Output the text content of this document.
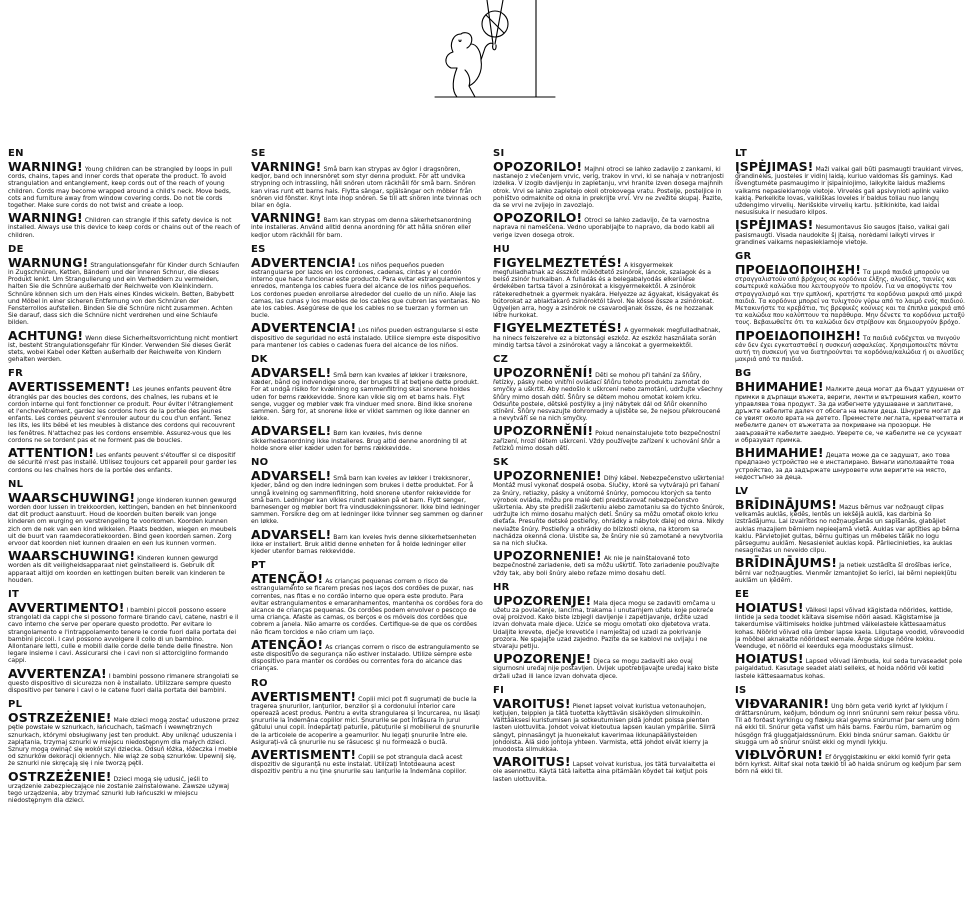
EN
WARNING! Young children can be strangled by loops in pull cords, chains, tapes and inner cords that operate the product. To avoid strangulation and entanglement, keep cords out of the reach of young children. Cords may become wrapped around a child's neck. Move beds, cots and furniture away from window covering cords. Do not tie cords together. Make sure cords do not twist and create a loop.
WARNING! Children can strangle if this safety device is not installed. Always use this device to keep cords or chains out of the reach of children.
DE
WARNUNG! Strangulationsgefahr für Kinder durch Schlaufen in Zugschnüren, Ketten, Bändern und der inneren Schnur, die dieses Produkt lenkt. Um Strangulierung und ein Verheddern zu vermeiden, halten Sie die Schnüre außerhalb der Reichweite von Kleinkindern. Schnüre können sich um den Hals eines Kindes wickeln. Betten, Babybett und Möbel in einer sicheren Entfernung von den Schnüren der Fensterrollos aufstellen. Binden Sie die Schnüre nicht zusammen. Achten Sie darauf, dass sich die Schnüre nicht verdrehen und eine Schlaufe bilden.
ACHTUNG! Wenn diese Sicherheitsvorrichtung nicht montiert ist, besteht Strangulationsgefahr für Kinder. Verwenden Sie dieses Gerät stets, wobei Kabel oder Ketten außerhalb der Reichweite von Kindern gehalten werden.
FR
AVERTISSEMENT! Les jeunes enfants peuvent être étranglés par des boucles des cordons, des chaînes, les rubans et le cordon interne qui font fonctionner ce produit. Pour éviter l'étranglement et l'enchevêtrement, gardez les cordons hors de la portée des jeunes enfants. Les cordes peuvent s'enrouler autour du cou d'un enfant. Tenez les lits, les lits bébé et les meubles à distance des cordons qui recouvrent les fenêtres. N'attachez pas les cordons ensemble. Assurez-vous que les cordons ne se tordent pas et ne forment pas de boucles.
ATTENTION! Les enfants peuvent s'étouffer si ce dispositif de sécurité n'est pas installé. Utilisez toujours cet appareil pour garder les cordons ou les chaînes hors de la portée des enfants.
NL
WAARSCHUWING! Jonge kinderen kunnen gewurgd worden door lussen in trekkoorden, kettingen, banden en het binnenkoord dat dit product aanstuurt. Houd de koorden buiten bereik van jonge kinderen om wurging en verstrengeling te voorkomen. Koorden kunnen zich om de nek van een kind wikkelen. Plaats bedden, wiegen en meubels uit de buurt van raamdecoratiekoorden. Bind geen koorden samen. Zorg ervoor dat koorden niet kunnen draaien en een lus kunnen vormen.
WAARSCHUWING! Kinderen kunnen gewurgd worden als dit veiligheidsapparaat niet geïnstalleerd is. Gebruik dit apparaat altijd om koorden en kettingen buiten bereik van kinderen te houden.
IT
AVVERTIMENTO! I bambini piccoli possono essere strangolati da cappi che si possono formare tirando cavi, catene, nastri e il cavo interno che serve per operare questo prodotto. Per evitare lo strangolamento e l'intrappolamento tenere le corde fuori dalla portata dei bambini piccoli. I cavi possono avvolgere il collo di un bambino. Allontanare letti, culle e mobili dalle corde delle tende delle finestre. Non legare insieme i cavi. Assicurarsi che i cavi non si attorciglino formando cappi.
AVVERTENZA! I bambini possono rimanere strangolati se questo dispositivo di sicurezza non è installato. Utilizzare sempre questo dispositivo per tenere i cavi o le catene fuori dalla portata dei bambini.
PL
OSTRZEŻENIE! Małe dzieci mogą zostać uduszone przez pętle powstałe w sznurkach, łańcuchach, taśmach i wewnętrznych sznurkach, którymi obsługiwany jest ten produkt. Aby uniknąć uduszenia i zaplątania, trzymaj sznurki w miejscu niedostępnym dla małych dzieci. Sznury mogą owinąć się wokół szyi dziecka. Odsuń łóżka, łóżeczka i meble od sznurków dekoracji okiennych. Nie wiąż ze sobą sznurków. Upewnij się, że sznurki nie skręcają się i nie tworzą pętli.
OSTRZEŻENIE! Dzieci mogą się udusić, jeśli to urządzenie zabezpieczające nie zostanie zainstalowane. Zawsze używaj tego urządzenia, aby trzymać sznurki lub łańcuszki w miejscu niedostępnym dla dzieci.
SE
VARNING! Små barn kan strypas av öglor i dragsnören, kedjor, band och innersnöret som styr denna produkt. För att undvika strypning och intrassling, håll snören utom räckhåll för små barn. Snören kan viras runt ett barns hals. Flytta sängar, spjälsängar och möbler från snören vid fönster. Knyt inte ihop snören. Se till att snören inte tvinnas och bilar en ögla.
VARNING! Barn kan strypas om denna säkerhetsanordning inte installeras. Använd alltid denna anordning för att hålla snören eller kedjor utom räckhåll för barn.
ES
ADVERTENCIA! Los niños pequeños pueden estrangularse por lazos en los cordones, cadenas, cintas y el cordón interno que hace funcionar este producto. Para evitar estrangulamientos y enredos, mantenga los cables fuera del alcance de los niños pequeños. Los cordones pueden enrollarse alrededor del cuello de un niño. Aleje las camas, las cunas y los muebles de los cables que cubren las ventanas. No ate los cables. Asegúrese de que los cables no se tuerzan y formen un bucle.
ADVERTENCIA! Los niños pueden estrangularse si este dispositivo de seguridad no está instalado. Utilice siempre este dispositivo para mantener los cables o cadenas fuera del alcance de los niños.
DK
ADVARSEL! Små børn kan kvæles af løkker i træksnore, kæder, bånd og indvendige snore, der bruges til at betjene dette produkt. For at undgå risiko for kvælning og sammenfiltring skal snorene holdes uden for børns rækkevidde. Snore kan vikle sig om et barns hals. Flyt senge, vugger og møbler væk fra vinduer med snore. Bind ikke snorene sammen. Sørg for, at snorene ikke er viklet sammen og ikke danner en løkke.
ADVARSEL! Børn kan kvæles, hvis denne sikkerhedsanordning ikke installeres. Brug altid denne anordning til at holde snore eller kæder uden for børns rækkevidde.
NO
ADVARSEL! Små barn kan kveles av løkker i trekksnorer, kjeder, bånd og den indre ledningen som brukes i dette produktet. For å unngå kvelning og sammenfiltring, hold snorene utenfor rekkevidde for små barn. Ledninger kan vikles rundt nakken på et barn. Flytt senger, barnesenger og møbler bort fra vindusdekningssnorer. Ikke bind ledninger sammen. Forsikre deg om at ledninger ikke tvinner seg sammen og danner en løkke.
ADVARSEL! Barn kan kveles hvis denne sikkerhetsenheten ikke er installert. Bruk alltid denne enheten for å holde ledninger eller kjeder utenfor barnas rekkevidde.
PT
ATENÇÃO! As crianças pequenas correm o risco de estrangulamento se ficarem presas nos laços dos cordões de puxar, nas correntes, nas fitas e no cordão interno que opera este produto. Para evitar estrangulamentos e emaranhamentos, mantenha os cordões fora do alcance de crianças pequenas. Os cordões podem envolver o pescoço de uma criança. Afaste as camas, os berços e os móveis dos cordões que cobrem a janela. Não amarre os cordões. Certifique-se de que os cordões não ficam torcidos e não criam um laço.
ATENÇÃO! As crianças correm o risco de estrangulamento se este dispositivo de segurança não estiver instalado. Utilize sempre este dispositivo para manter os cordões ou correntes fora do alcance das crianças.
RO
AVERTISMENT! Copiii mici pot fi sugrumați de bucle la tragerea șnururilor, lanțurilor, benzilor și a cordonului interior care operează acest produs. Pentru a evita strangularea și încurcarea, nu lăsați șnururile la îndemâna copiilor mici. Șnururile se pot înfășura în jurul gâtului unui copil. Îndepărtați paturile, pătuțurile și mobilierul de șnururile de la articolele de acoperire a geamurilor. Nu legați șnururile între ele. Asigurați-vă că șnururile nu se răsucesc și nu formează o buclă.
AVERTISMENT! Copiii se pot strangula dacă acest dispozitiv de siguranță nu este instalat. Utilizați întotdeauna acest dispozitiv pentru a nu ține șnururile sau lanțurile la îndemâna copiilor.
SI
OPOZORILO! Majhni otroci se lahko zadavijo z zankami, ki nastanejo z vlečenjem vrvic, verig, trakov in vrvi, ki se nahaja v notranjosti izdelka. V izogib davljenju in zapletanju, vrvi hranite izven dosega majhnih otrok. Vrvi se lahko zapletejo okoli otrokovega vratu. Postelje, posteljice in pohištvo odmaknite od okna in prekrijte vrvi. Vrv ne zvežite skupaj. Pazite, da se vrvi ne zvijejo in zavozlajo.
OPOZORILO! Otroci se lahko zadavijo, če ta varnostna naprava ni nameščena. Vedno uporabljajte to napravo, da bodo kabli ali verige izven dosega otrok.
HU
FIGYELMEZTETÉS! A kisgyermekek megfulladhatnak az ésszkőt működtető zsinórok, láncok, szalagok és a belső zsinór hurkaiban. A fulladás és a belegabalyodás elkerülése érdekében tartsa távol a zsinórokat a kisgyermekektől. A zsinórok rátekeredhetnek a gyermek nyakára. Helyezze az ágyakat, kiságyakat és bútorokat az ablaktakaró zsinóroktól távol. Ne kösse össze a zsinórokat. Ügyeljen arra, hogy a zsinórok ne csavarodjanak össze, és ne hozzanak létre hurkokat.
FIGYELMEZTETÉS! A gyermekek megfulladhatnak, ha ninecs felszerelve ez a biztonsági eszköz. Az eszköz használata során mindig tartsa távol a zsinórokat vagy a láncokat a gyermekektől.
CZ
UPOZORNĚNÍ! Děti se mohou při tahání za šňůry, řetízky, pásky nebo vnitřní ovládací šňůru tohoto produktu zamotat do smyčky a uškrtit. Aby nedošlo k uškrcení nebo zamotání, udržujte všechny šňůry mimo dosah dětí. Šňůry se dětem mohou omotat kolem krku. Odsuňte postele, dětské postýlky a jiný nábytek dál od šňůr okenního stínění. Šňůry nesvazujte dohromady a ujistěte se, že nejsou překroucené a nevytváří se na nich smyčky.
UPOZORNĚNÍ! Pokud nenainstalujete toto bezpečnostní zařízení, hrozí dětem uškrcení. Vždy používejte zařízení k uchování šňůr a řetízků mimo dosah dětí.
SK
UPOZORNENIE! Dlhý kábel. Nebezpečenstvo uškrtenia! Montáž musí vykonať dospelá osoba. Slučky, ktoré sa vytvárajú pri ťahaní za šnúry, retiazky, pásky a vnútorné šnúrky, pomocou ktorých sa tento výrobok ovláda, môžu pre malé deti predstavovať nebezpečenstvo uškrtenia. Aby ste predišli zaškrteniu alebo zamotaniu sa do týchto šnúrok, udržujte ich mimo dosahu malých detí. Šnúry sa môžu omotať okolo krku dieťaťa. Presuňte detské postieľky, ohrádky a nábytok ďalej od okna. Nikdy neviažte šnúry. Postieľky a ohrádky do blízkosti okna, na ktorom sa nachádza okenná clona. Uistite sa, že šnúry nie sú zamotané a nevytvorila sa na nich slučka.
UPOZORNENIE! Ak nie je nainštalované toto bezpečnostné zariadenie, deti sa môžu uškrtiť. Toto zariadenie používajte vždy tak, aby boli šnúry alebo reťaze mimo dosahu detí.
HR
UPOZORENJE! Mala djeca mogu se zadaviti omčama u užetu za povlačenje, lancima, trakama i unutarnjem užetu koje pokreće ovaj proizvod. Kako biste izbjegli davljenje i zapetljavanje, držite uzad izvan dohvata male djece. Uzice se mogu omotati oko djetetova vrata. Udaljite krevete, dječje krevetiće i namještaj od uzadi za pokrivanje prozora. Ne spajajte uzad zajedno. Pazite da se kablovi ne uvijaju i ne stvaraju petlju.
UPOZORENJE! Djeca se mogu zadaviti ako ovaj sigurnosni uređaj nije postavljen. Uvijek upotrebljavajte uređaj kako biste držali užad ili lance izvan dohvata djece.
FI
VAROITUS! Pienet lapset voivat kuristua vetonauhojen, ketjujen, teippien ja tätä tuotetta käyttävän sisäköyden silmukoihin. Välttääksesi kuristumisen ja sotkeutumisen pidä johdot poissa pienten lasten ulottuvilta. Johdot voivat kietoutua lapsen kaulan ympärille. Siirrä sängyt, pinnasängyt ja huonekalut kaverimaa ikkunapäällysteiden johdoista. Älä sido johtoja yhteen. Varmista, että johdot eivät kierry ja muodosta silmukkaa.
VAROITUS! Lapset voivat kuristua, jos tätä turvalaitetta ei ole asennettu. Käytä tätä laitetta aina pitämään köydet tai ketjut pois lasten ulottuvilta.
LT
ĮSPĖJIMAS! Maži vaikai gali būti pasmaugti traukiant virves, grandinėles, juosteles ir vidinį laidą, kuriuo valdomas šis gaminys. Kad išvengtumėte pasmaugimo ir įsipainiojimo, laikykite laidus mažiems vaikams nepasiekiamoje vietoje. Virvelės gali apsivynioti aplink vaiko kaklą. Perkelkite lovas, vaikiškas loveles ir baldus toliau nuo langų uždengimo virvelių. Nerišskite virvelių kartu. Įsitikinkite, kad laidai nesusisuka ir nesudaro kilpos.
ĮSPĖJIMAS! Nesumontavus šio saugos įtaiso, vaikai gali pasismaugti. Visada naudokite šį įtaisą, norėdami laikyti virves ir grandines vaikams nepasiekiamoje vietoje.
GR
ΠΡΟΕΙΔΟΠΟΙΗΣΗ! Τα μικρά παιδιά μπορούν να στραγγαλιστούν από βρόχους σε κορδόνια έλξης, αλυσίδες, ταινίες και εσωτερικά καλώδια που λειτουργούν το προϊόν. Για να αποφύγετε τον στραγγαλισμό και την εμπλοκή, κρατήστε τα κορδόνια μακριά από μικρά παιδιά. Τα κορδόνια μπορεί να τυλιχτούν γύρω από το λαιμό ενός παιδιού. Μετακινήστε τα κρεβάτια, τις βρεφικές κούνιες και τα έπιπλα μακριά από τα καλώδια που καλύπτουν τα παράθυρα. Μην δένετε τα κορδόνια μεταξύ τους. Βεβαιωθείτε ότι τα καλώδια δεν στρίβουν και δημιουργούν βρόχο.
ΠΡΟΕΙΔΟΠΟΙΗΣΗ! Τα παιδιά ενδέχεται να πνιγούν εάν δεν έχει εγκατασταθεί η συσκευή ασφαλείας. Χρησιμοποιείτε πάντα αυτή τη συσκευή για να διατηρούνται τα κορδόνια/καλώδια ή οι αλυσίδες μακριά από τα παιδιά.
BG
ВНИМАНИЕ! Малките деца могат да бъдат удушени от примки в дърпащи въжета, вериги, ленти и вътрешния кабел, които управлява това продукт. За да избегнете удушаване и заплитане, дръжте кабелите далеч от обсега на малки деца. Шнурите могат да се увият около врата на детето. Преместете леглата, креватчетата и мебелите далеч от въжетата за покриване на прозорци. Не завързвайте кабелите заедно. Уверете се, че кабелите не се усукват и образуват примка.
ВНИМАНИЕ! Децата може да се задушат, ако това предпазно устройство не е инсталирано. Винаги използвайте това устройство, за да задържате шнуровете или веригите на място, недостъпно за деца.
LV
BRĪDINĀJUMS! Mazus bērnus var nožņaugt cilpas velkamās auklās, ķēdēs, lentēs un iekšējā auklā, kas darbina šo izstrādājumu. Lai izvairītos no nožņaugšanās un sapīšanās, glabājiet auklas mazajiem bērniem nepieejamā vietā. Auklas var aptīties ap bērna kaklu. Pārvietojiet gultas, bērnu gultiņas un mēbeles tālāk no logu pārsegumu auklām. Nesasieniet auklas kopā. Pārliecinieties, ka auklas nesagriežas un neveido cilpu.
BRĪDINĀJUMS! Ja netiek uzstādīta šī drošības ierīce, bērni var nožņaugties. Vienmēr izmantojiet šo ierīci, lai bērni nepiekļūtu auklām un ķēdēm.
EE
HOIATUS! Väikesi lapsi võivad kägistada nöörides, kettide, lintide ja seda toodet käitava sisemise nööri aasad. Kägistamise ja takerdumise vältimiseks hoidke juhtmed väikelastele kättesaamatus kohas. Nöörid võivad olla ümber lapse kaela. Liigutage voodid, võrevoodid ja mööbel aknakatte nööridest eemale. Ärge siduge nööre kokku. Veenduge, et nöörid ei keerduks ega moodustaks silmust.
HOIATUS! Lapsed võivad lämbuda, kui seda turvaseadet pole paigaldatud. Kasutage seadet alati selleks, et hoida nöörid või ketid lastele kättesaamatus kohas.
IS
VIÐVARANIR! Ung börn geta verið kyrkt af lykkjum í dráttarsnúrum, keðjum, böndum og innri snúrunni sem rekur þessa vöru. Til að forðast kyrkingu og flækju skal geyma snúrurnar þar sem ung börn ná ekki til. Snúrur geta vafist um háls barns. Færðu rúm, barnarúm og húsgögn frá gluggatjaldssnúrum. Ekki binda snúrur saman. Gakktu úr skugga um að snúrur snúist ekki og myndi lykkju.
VIÐLVÖRUN! Ef öryggistækinu er ekki komið fyrir geta börn kyrkst. Alltaf skal nota tækið til að halda snúrum og keðjum þar sem börn ná ekki til.
